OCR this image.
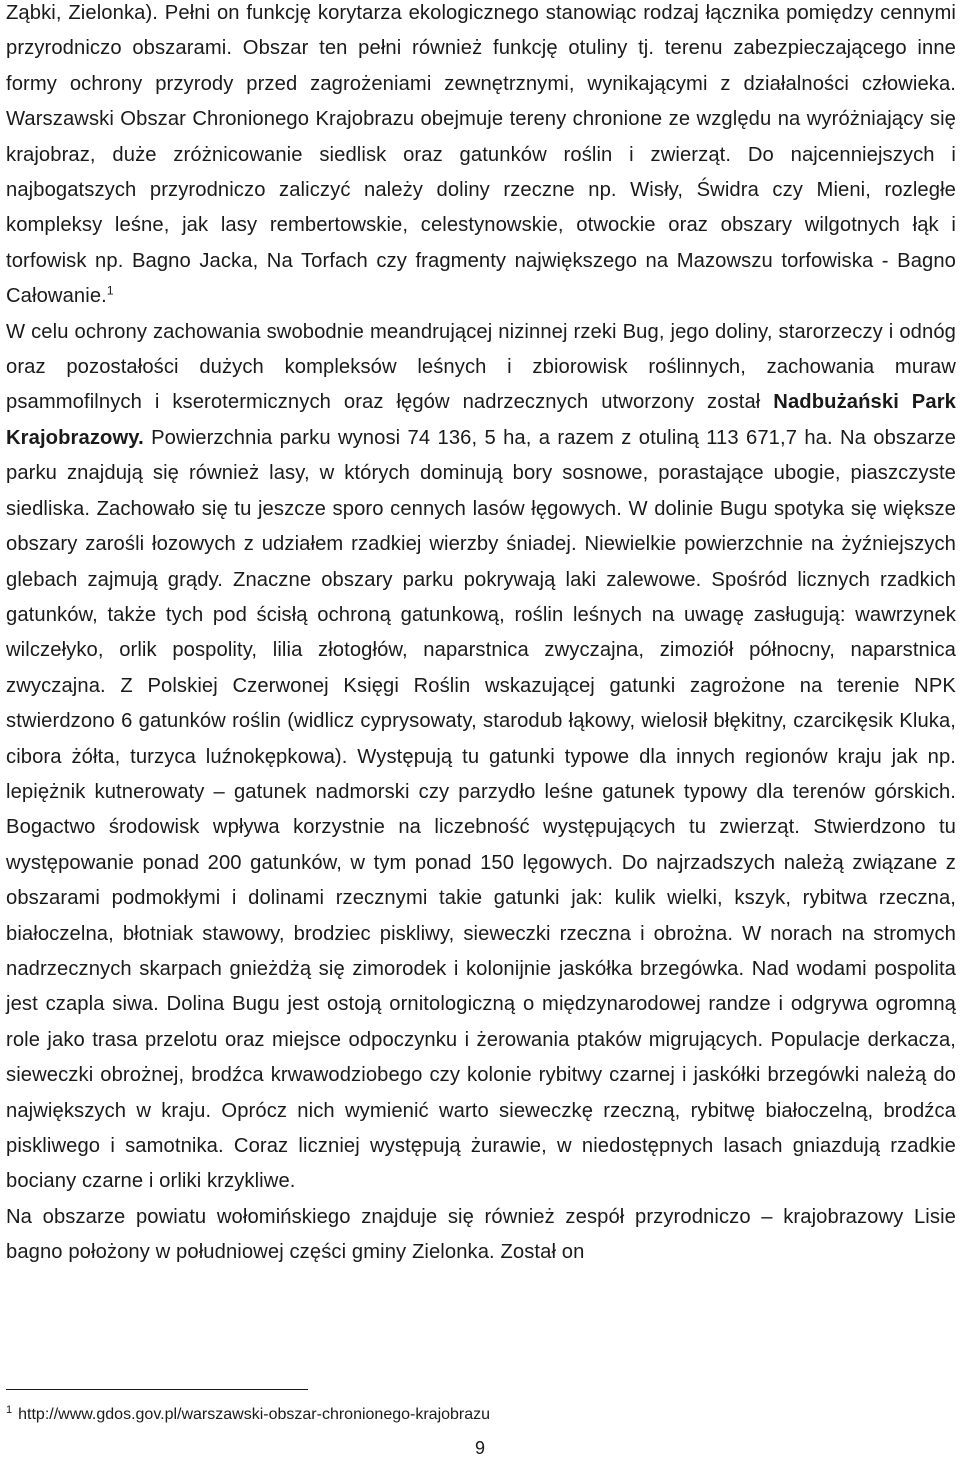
Ząbki, Zielonka). Pełni on funkcję korytarza ekologicznego stanowiąc rodzaj łącznika pomiędzy cennymi przyrodniczo obszarami. Obszar ten pełni również funkcję otuliny tj. terenu zabezpieczającego inne formy ochrony przyrody przed zagrożeniami zewnętrznymi, wynikającymi z działalności człowieka. Warszawski Obszar Chronionego Krajobrazu obejmuje tereny chronione ze względu na wyróżniający się krajobraz, duże zróżnicowanie siedlisk oraz gatunków roślin i zwierząt. Do najcenniejszych i najbogatszych przyrodniczo zaliczyć należy doliny rzeczne np. Wisły, Świdra czy Mieni, rozległe kompleksy leśne, jak lasy rembertowskie, celestynowskie, otwockie oraz obszary wilgotnych łąk i torfowisk np. Bagno Jacka, Na Torfach czy fragmenty największego na Mazowszu torfowiska - Bagno Całowanie.$^1$

W celu ochrony zachowania swobodnie meandrującej nizinnej rzeki Bug, jego doliny, starorzeczy i odnóg oraz pozostałości dużych kompleksów leśnych i zbiorowisk roślinnych, zachowania muraw psammofilnych i kserotermicznych oraz łęgów nadrzecznych utworzony został Nadbużański Park Krajobrazowy. Powierzchnia parku wynosi 74 136, 5 ha, a razem z otuliną 113 671,7 ha. Na obszarze parku znajdują się również lasy, w których dominują bory sosnowe, porastające ubogie, piaszczyste siedliska. Zachowało się tu jeszcze sporo cennych lasów łęgowych. W dolinie Bugu spotyka się większe obszary zarośli łozowych z udziałem rzadkiej wierzby śniadej. Niewielkie powierzchnie na żyźniejszych glebach zajmują grądy. Znaczne obszary parku pokrywają laki zalewowe. Spośród licznych rzadkich gatunków, także tych pod ścisłą ochroną gatunkową, roślin leśnych na uwagę zasługują: wawrzynek wilczełyko, orlik pospolity, lilia złotogłów, naparstnica zwyczajna, zimoziół północny, naparstnica zwyczajna. Z Polskiej Czerwonej Księgi Roślin wskazującej gatunki zagrożone na terenie NPK stwierdzono 6 gatunków roślin (widlicz cyprysowaty, starodub łąkowy, wielosił błękitny, czarcikęsik Kluka, cibora żółta, turzyca luźnokępkowa). Występują tu gatunki typowe dla innych regionów kraju jak np. lepiężnik kutnerowaty – gatunek nadmorski czy parzydło leśne gatunek typowy dla terenów górskich. Bogactwo środowisk wpływa korzystnie na liczebność występujących tu zwierząt. Stwierdzono tu występowanie ponad 200 gatunków, w tym ponad 150 lęgowych. Do najrzadszych należą związane z obszarami podmokłymi i dolinami rzecznymi takie gatunki jak: kulik wielki, kszyk, rybitwa rzeczna, białoczelna, błotniak stawowy, brodziec piskliwy, sieweczki rzeczna i obrożna. W norach na stromych nadrzecznych skarpach gnieżdżą się zimorodek i kolonijnie jaskółka brzegówka. Nad wodami pospolita jest czapla siwa. Dolina Bugu jest ostoją ornitologiczną o międzynarodowej randze i odgrywa ogromną role jako trasa przelotu oraz miejsce odpoczynku i żerowania ptaków migrujących. Populacje derkacza, sieweczki obrożnej, brodźca krwawodziobego czy kolonie rybitwy czarnej i jaskółki brzegówki należą do największych w kraju. Oprócz nich wymienić warto sieweczkę rzeczną, rybitwę białoczelną, brodźca piskliwego i samotnika. Coraz liczniej występują żurawie, w niedostępnych lasach gniazdują rzadkie bociany czarne i orliki krzykliwe.

Na obszarze powiatu wołomińskiego znajduje się również zespół przyrodniczo – krajobrazowy Lisie bagno położony w południowej części gminy Zielonka. Został on

$^1$ http://www.gdos.gov.pl/warszawski-obszar-chronionego-krajobrazu
9
